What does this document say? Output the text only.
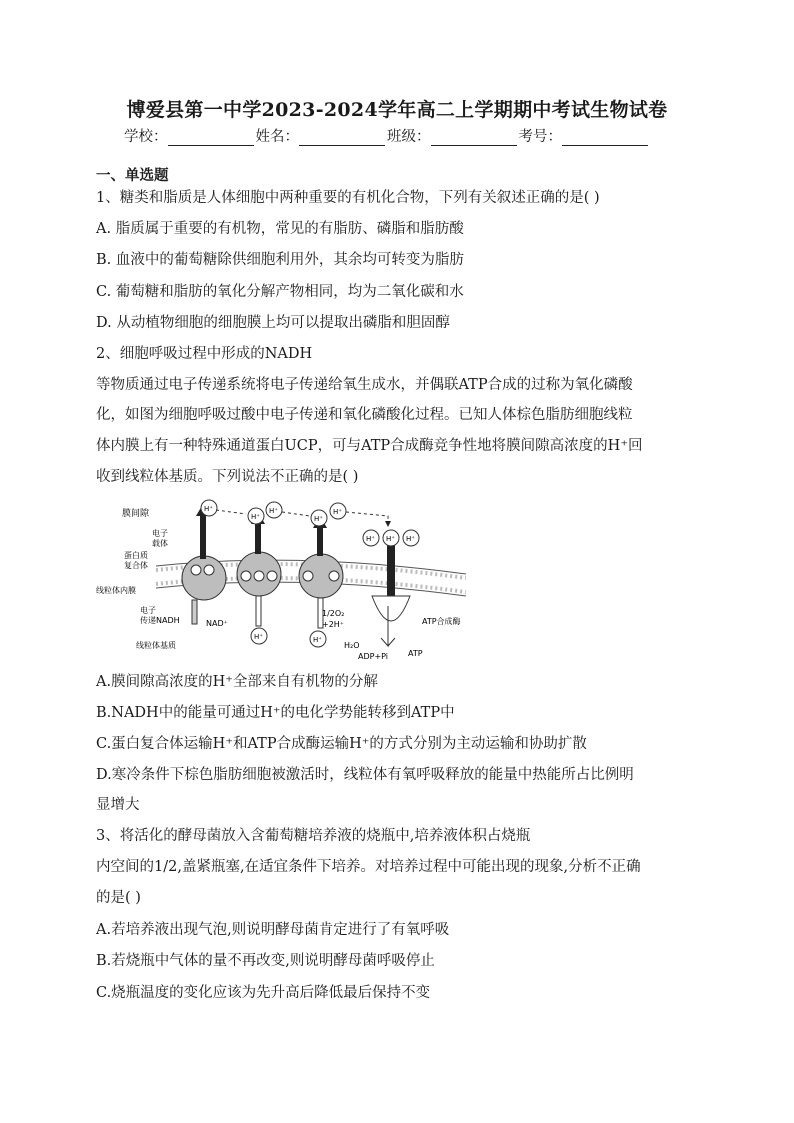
博爱县第一中学2023-2024学年高二上学期期中考试生物试卷
学校：	姓名：	班级：	考号：
一、单选题
1、糖类和脂质是人体细胞中两种重要的有机化合物，下列有关叙述正确的是( )
A. 脂质属于重要的有机物，常见的有脂肪、磷脂和脂肪酸
B. 血液中的葡萄糖除供细胞利用外，其余均可转变为脂肪
C. 葡萄糖和脂肪的氧化分解产物相同，均为二氧化碳和水
D. 从动植物细胞的细胞膜上均可以提取出磷脂和胆固醇
2、细胞呼吸过程中形成的NADH
等物质通过电子传递系统将电子传递给氧生成水，并偶联ATP合成的过称为氧化磷酸
化，如图为细胞呼吸过酸中电子传递和氧化磷酸化过程。已知人体棕色脂肪细胞线粒
体内膜上有一种特殊通道蛋白UCP，可与ATP合成酶竞争性地将膜间隙高浓度的H⁺回
收到线粒体基质。下列说法不正确的是( )
H⁺
H⁺
H⁺
H⁺
H⁺
H⁺ H⁺ H⁺
H⁺	H⁺
膜间隙
电子
载体
蛋白质
复合体
线粒体内膜
电子
传递NADH	NAD⁺
线粒体基质
1/2O₂
+2H⁺
H₂O
ADP+Pi ATP
ATP合成酶
A.膜间隙高浓度的H⁺全部来自有机物的分解
B.NADH中的能量可通过H⁺的电化学势能转移到ATP中
C.蛋白复合体运输H⁺和ATP合成酶运输H⁺的方式分别为主动运输和协助扩散
D.寒冷条件下棕色脂肪细胞被激活时，线粒体有氧呼吸释放的能量中热能所占比例明
显增大
3、将活化的酵母菌放入含葡萄糖培养液的烧瓶中,培养液体积占烧瓶
内空间的1/2,盖紧瓶塞,在适宜条件下培养。对培养过程中可能出现的现象,分析不正确
的是( )
A.若培养液出现气泡,则说明酵母菌肯定进行了有氧呼吸
B.若烧瓶中气体的量不再改变,则说明酵母菌呼吸停止
C.烧瓶温度的变化应该为先升高后降低最后保持不变
